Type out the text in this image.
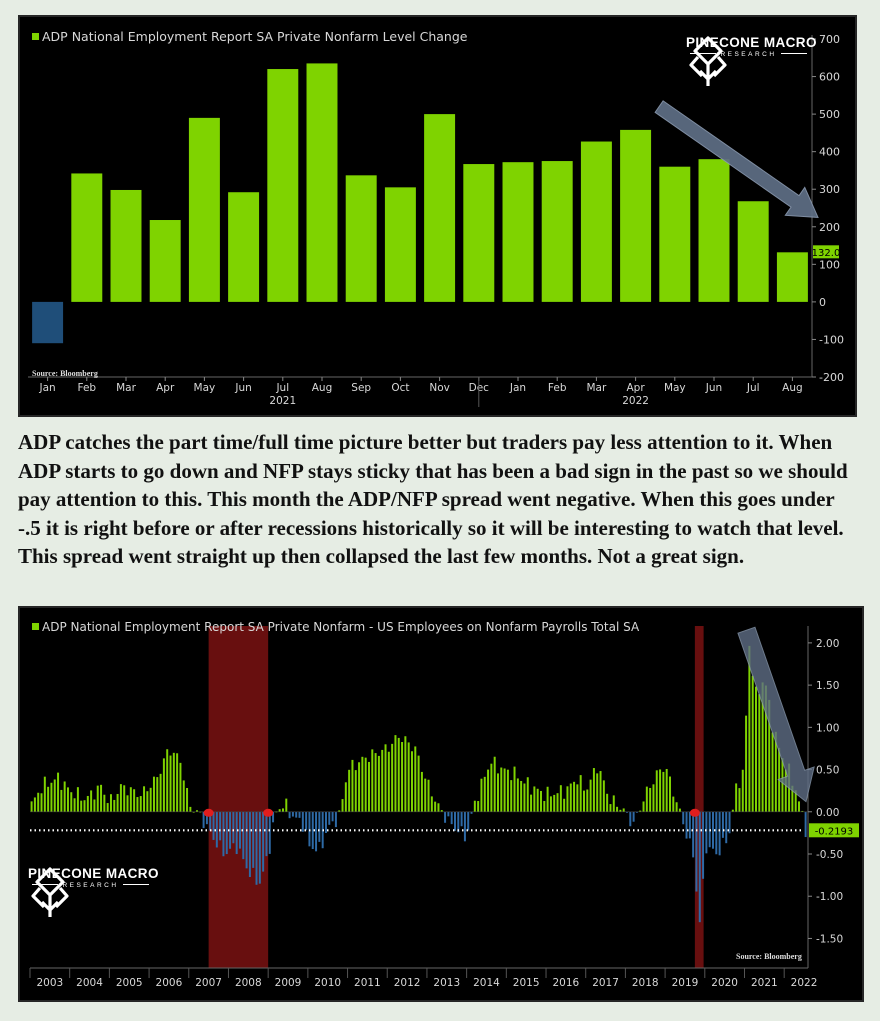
-200
-100
0
100
200
300
400
500
600
700
Jan Feb Mar Apr May Jun Jul Aug Sep Oct Nov Dec Jan Feb Mar Apr May Jun Jul Aug
2021	2022
132.0
ADP National Employment Report SA Private Nonfarm Level Change
Source: Bloomberg
PINECONE MACRO
RESEARCH

ADP catches the part time/full time picture better but traders pay less attention to it. When ADP starts to go down and NFP stays sticky that has been a bad sign in the past so we should pay attention to this. This month the ADP/NFP spread went negative. When this goes under -.5 it is right before or after recessions historically so it will be interesting to watch that level. This spread went straight up then collapsed the last few months. Not a great sign.

-1.50
-1.00
-0.50
0.00
0.50
1.00
1.50
2.00
-0.2193
2003 2004 2005 2006 2007 2008 2009 2010 2011 2012 2013 2014 2015 2016 2017 2018 2019 2020 2021 2022
ADP National Employment Report SA Private Nonfarm - US Employees on Nonfarm Payrolls Total SA
Source: Bloomberg
PINECONE MACRO
RESEARCH
